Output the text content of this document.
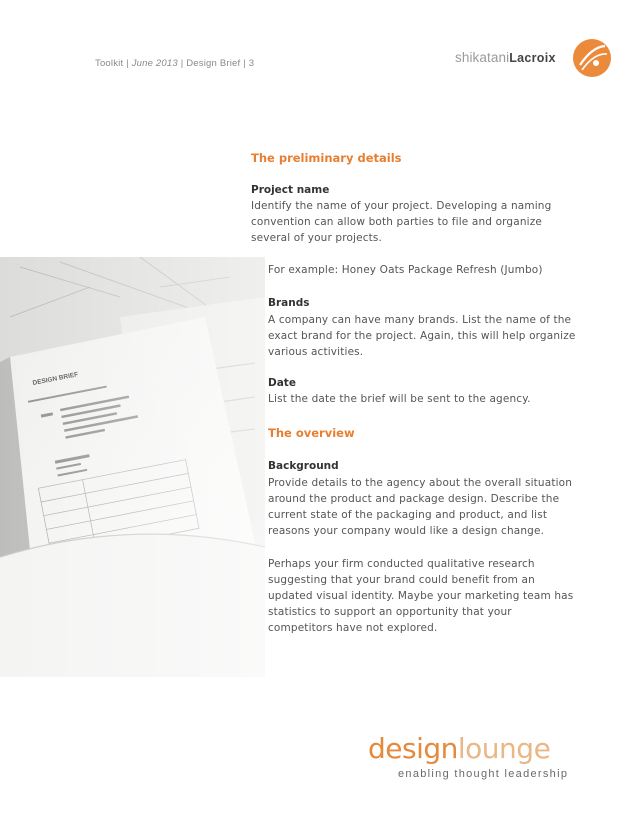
Toolkit | June 2013 | Design Brief | 3	shikataniLacroix
The preliminary details
Project name
Identify the name of your project. Developing a naming
convention can allow both parties to file and organize
several of your projects.
For example: Honey Oats Package Refresh (Jumbo)
Brands
A company can have many brands. List the name of the
exact brand for the project. Again, this will help organize
various activities.
Date
List the date the brief will be sent to the agency.
The overview
Background
Provide details to the agency about the overall situation
around the product and package design. Describe the
current state of the packaging and product, and list
reasons your company would like a design change.
Perhaps your firm conducted qualitative research
suggesting that your brand could benefit from an
updated visual identity. Maybe your marketing team has
statistics to support an opportunity that your
competitors have not explored.
designlounge
enabling thought leadership
